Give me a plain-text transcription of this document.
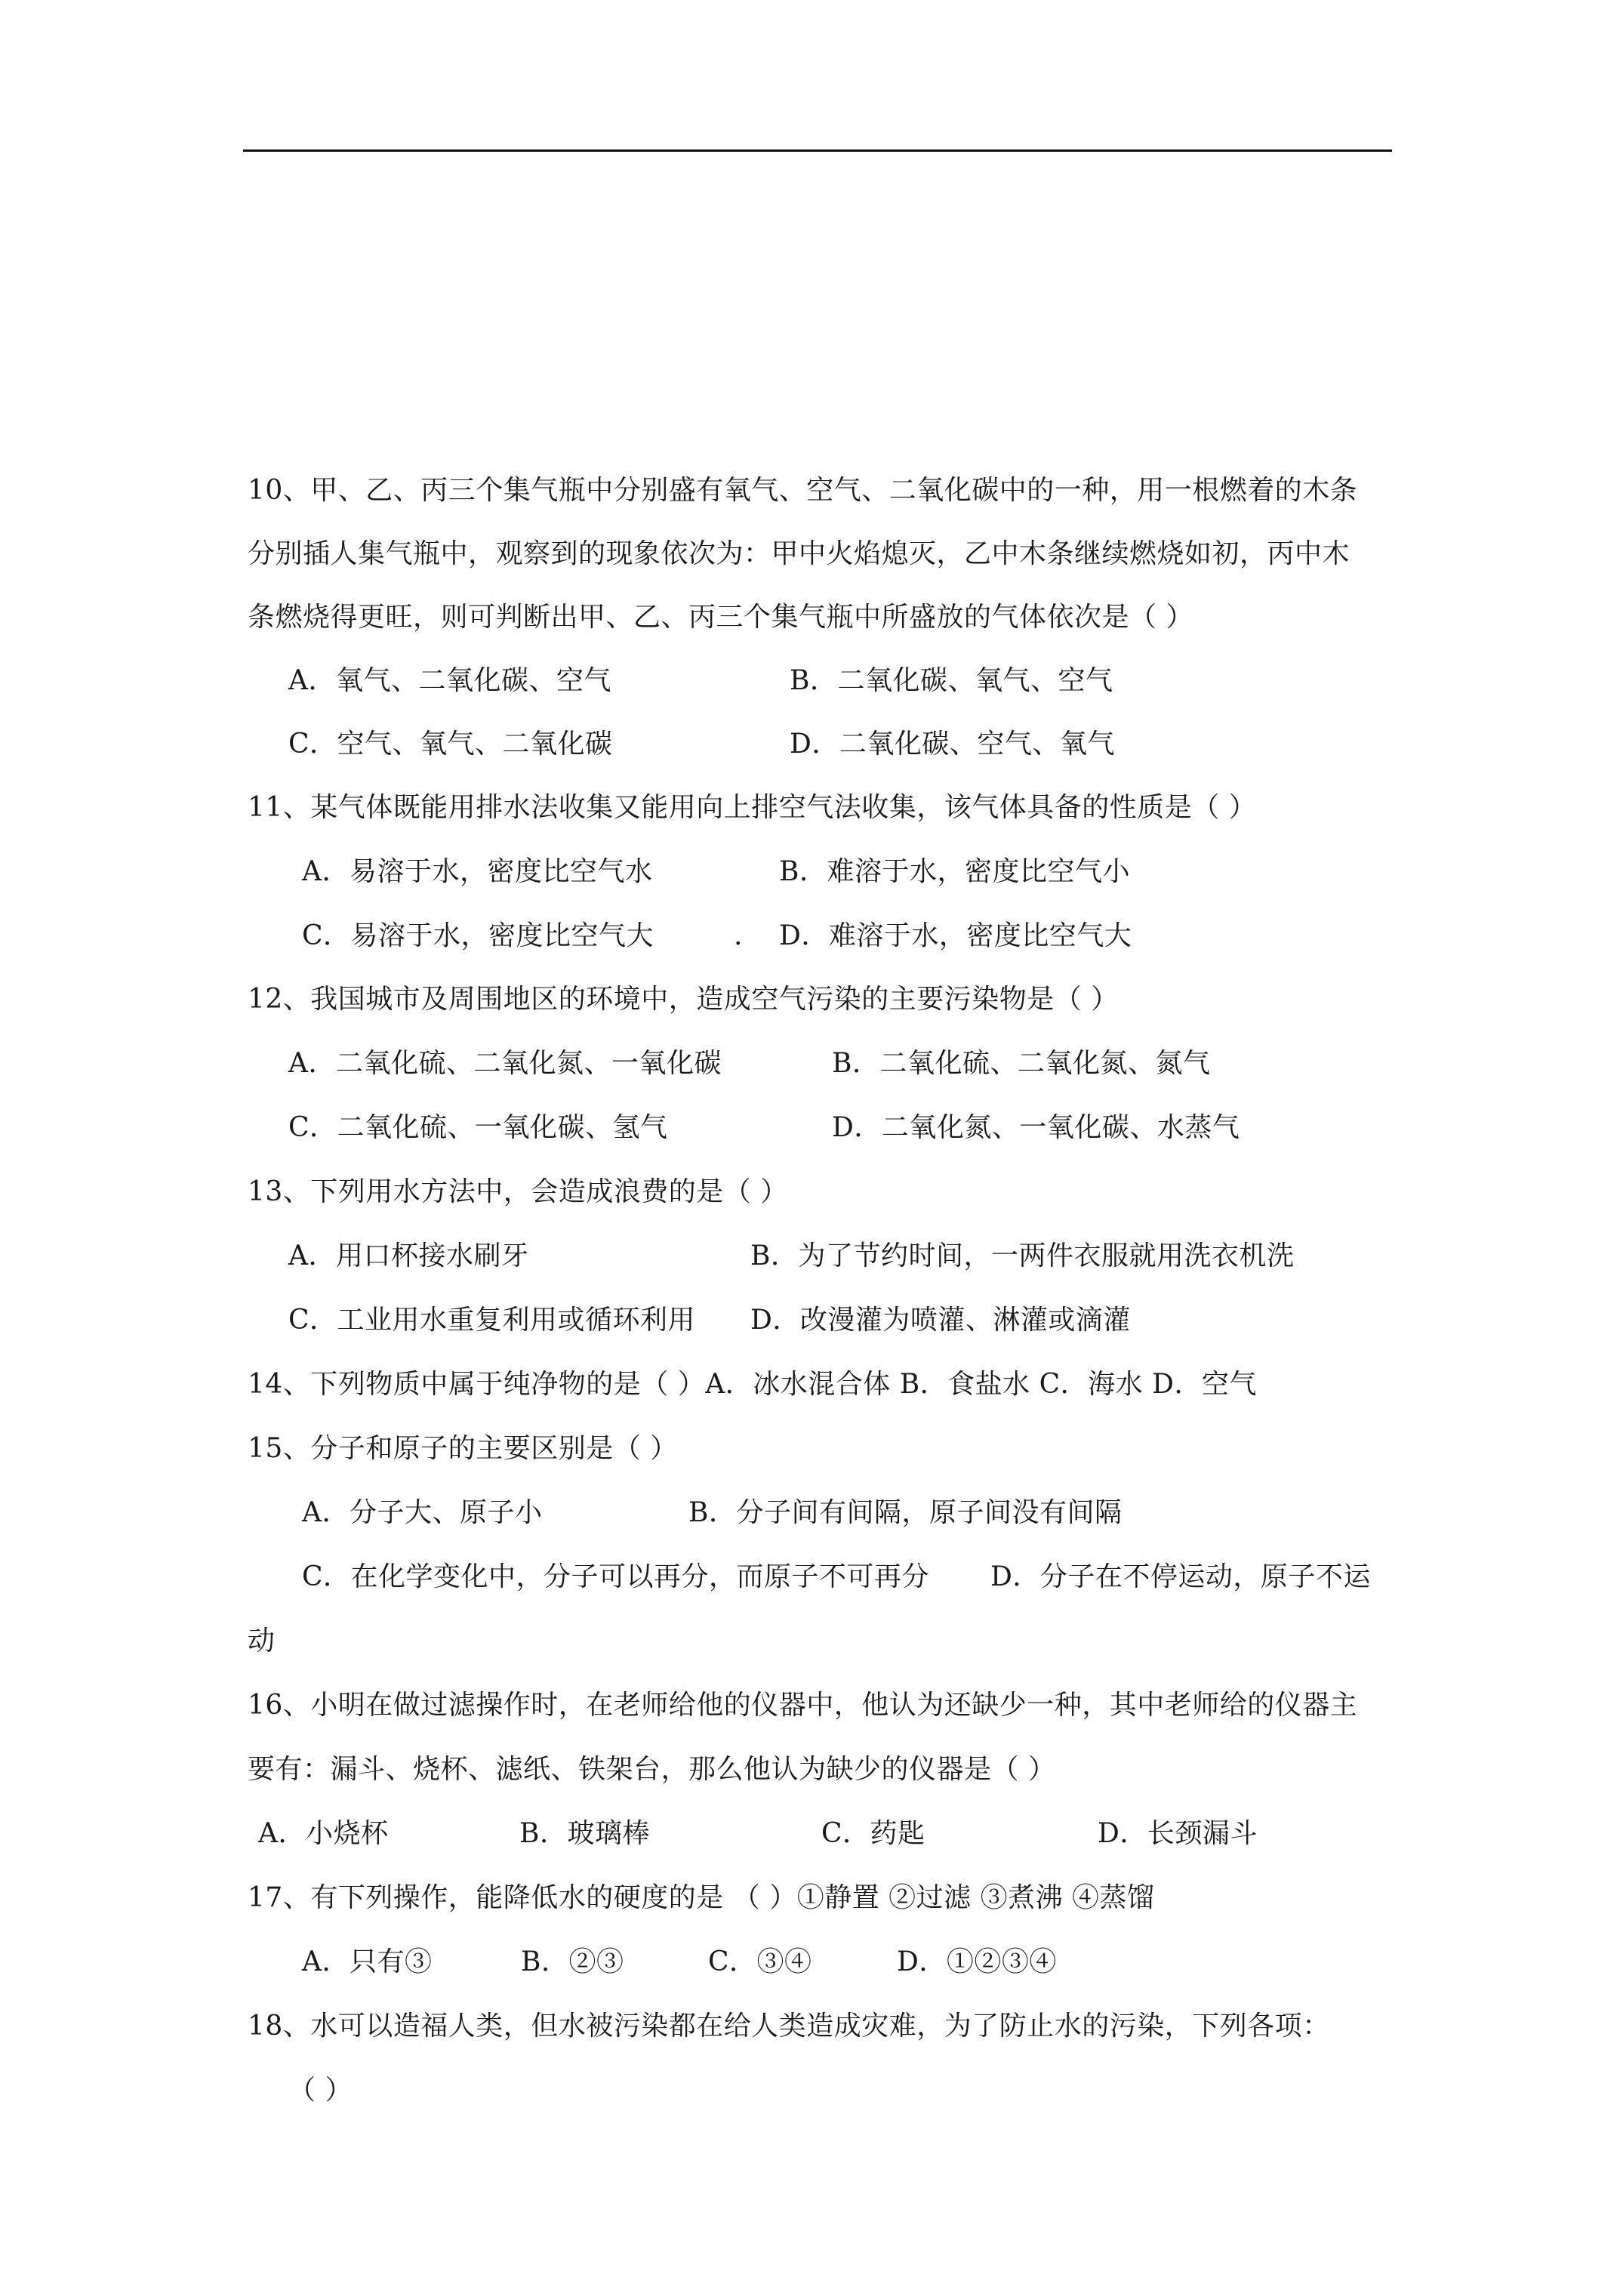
10、甲、乙、丙三个集气瓶中分别盛有氧气、空气、二氧化碳中的一种，用一根燃着的木条
分别插人集气瓶中，观察到的现象依次为：甲中火焰熄灭，乙中木条继续燃烧如初，丙中木
条燃烧得更旺，则可判断出甲、乙、丙三个集气瓶中所盛放的气体依次是（ ）
A．氧气、二氧化碳、空气	B．二氧化碳、氧气、空气
C．空气、氧气、二氧化碳	D．二氧化碳、空气、氧气
11、某气体既能用排水法收集又能用向上排空气法收集，该气体具备的性质是（ ）
A．易溶于水，密度比空气水	B．难溶于水，密度比空气小
C．易溶于水，密度比空气大	. D．难溶于水，密度比空气大
12、我国城市及周围地区的环境中，造成空气污染的主要污染物是（ ）
A．二氧化硫、二氧化氮、一氧化碳	B．二氧化硫、二氧化氮、氮气
C．二氧化硫、一氧化碳、氢气	D．二氧化氮、一氧化碳、水蒸气
13、下列用水方法中，会造成浪费的是（ ）
A．用口杯接水刷牙	B．为了节约时间，一两件衣服就用洗衣机洗
C．工业用水重复利用或循环利用 D．改漫灌为喷灌、淋灌或滴灌
14、下列物质中属于纯净物的是（ ）A．冰水混合体 B．食盐水 C．海水 D．空气
15、分子和原子的主要区别是（ ）
A．分子大、原子小	B．分子间有间隔，原子间没有间隔
C．在化学变化中，分子可以再分，而原子不可再分 D．分子在不停运动，原子不运
动
16、小明在做过滤操作时，在老师给他的仪器中，他认为还缺少一种，其中老师给的仪器主
要有：漏斗、烧杯、滤纸、铁架台，那么他认为缺少的仪器是（ ）
A．小烧杯	B．玻璃棒	C．药匙	D．长颈漏斗
17、有下列操作，能降低水的硬度的是 （ ）①静置 ②过滤 ③煮沸 ④蒸馏
A．只有③	B．②③	C．③④	D．①②③④
18、水可以造福人类，但水被污染都在给人类造成灾难，为了防止水的污染，下列各项：
（ ）
